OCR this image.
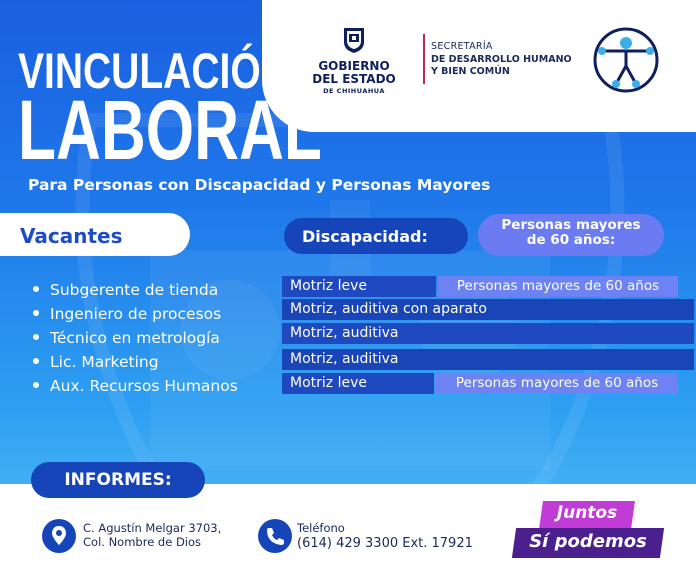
VINCULACIÓN
LABORAL
Para Personas con Discapacidad y Personas Mayores
GOBIERNO
DEL ESTADO
DE CHIHUAHUA
SECRETARÍA
DE DESARROLLO HUMANO
Y BIEN COMÚN
Vacantes	Discapacidad:
Personas mayores
de 60 años:
Subgerente de tienda
Ingeniero de procesos
Técnico en metrología
Lic. Marketing
Aux. Recursos Humanos
Motriz leve	Personas mayores de 60 años
Motriz, auditiva con aparato
Motriz, auditiva
Motriz, auditiva
Motriz leve	Personas mayores de 60 años
INFORMES:
C. Agustín Melgar 3703,
Col. Nombre de Dios
Teléfono
(614) 429 3300 Ext. 17921
Juntos
Sí podemos
